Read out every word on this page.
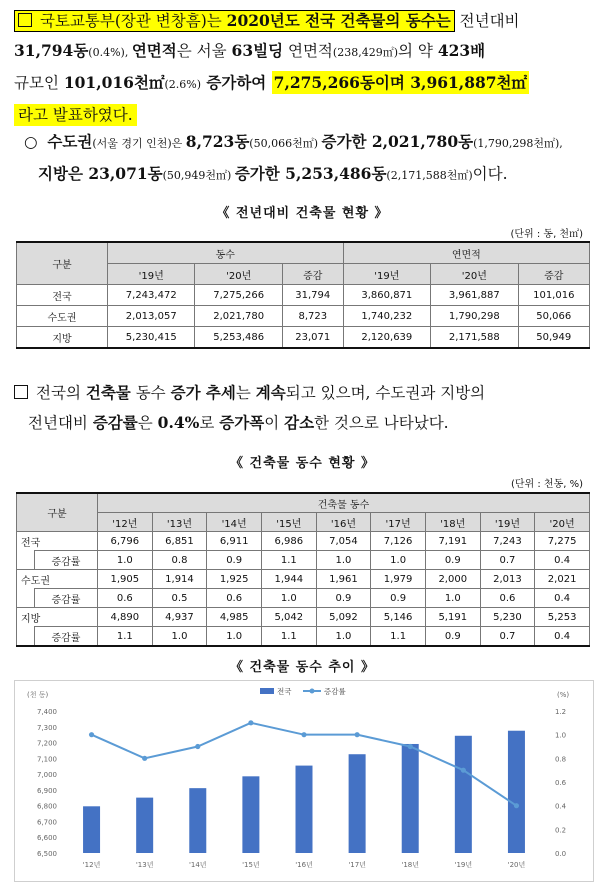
국토교통부(장관 변창흠)는 2020년도 전국 건축물의 동수는 전년대비
31,794동(0.4%), 연면적은 서울 63빌딩 연면적(238,429㎡)의 약 423배
규모인 101,016천㎡(2.6%) 증가하여 7,275,266동이며 3,961,887천㎡
라고 발표하였다.
○ 수도권(서울 경기 인천)은 8,723동(50,066천㎡) 증가한 2,021,780동(1,790,298천㎡),
지방은 23,071동(50,949천㎡) 증가한 5,253,486동(2,171,588천㎡)이다.
《 전년대비 건축물 현황 》
(단위 : 동, 천㎡)
구분	동수			연면적		
	'19년	'20년	증감	'19년	'20년	증감
전국	7,243,472	7,275,266	31,794	3,860,871	3,961,887	101,016
수도권	2,013,057	2,021,780	8,723	1,740,232	1,790,298	50,066
지방	5,230,415	5,253,486	23,071	2,120,639	2,171,588	50,949
전국의 건축물 동수 증가 추세는 계속되고 있으며, 수도권과 지방의
전년대비 증감률은 0.4%로 증가폭이 감소한 것으로 나타났다.
《 건축물 동수 현황 》
(단위 : 천동, %)
구분		건축물 동수								
		'12년	'13년	'14년	'15년	'16년	'17년	'18년	'19년	'20년
전국		6,796	6,851	6,911	6,986	7,054	7,126	7,191	7,243	7,275
	증감률	1.0	0.8	0.9	1.1	1.0	1.0	0.9	0.7	0.4
수도권		1,905	1,914	1,925	1,944	1,961	1,979	2,000	2,013	2,021
	증감률	0.6	0.5	0.6	1.0	0.9	0.9	1.0	0.6	0.4
지방		4,890	4,937	4,985	5,042	5,092	5,146	5,191	5,230	5,253
	증감률	1.1	1.0	1.0	1.1	1.0	1.1	0.9	0.7	0.4
《 건축물 동수 추이 》
6,500
6,600
6,700
6,800
6,900
7,000
7,100
7,200
7,300
7,400
0.0
0.2
0.4
0.6
0.8
1.0
1.2
(천 동)	(%)
'12년	'13년	'14년	'15년	'16년	'17년	'18년	'19년	'20년
전국	증감률
